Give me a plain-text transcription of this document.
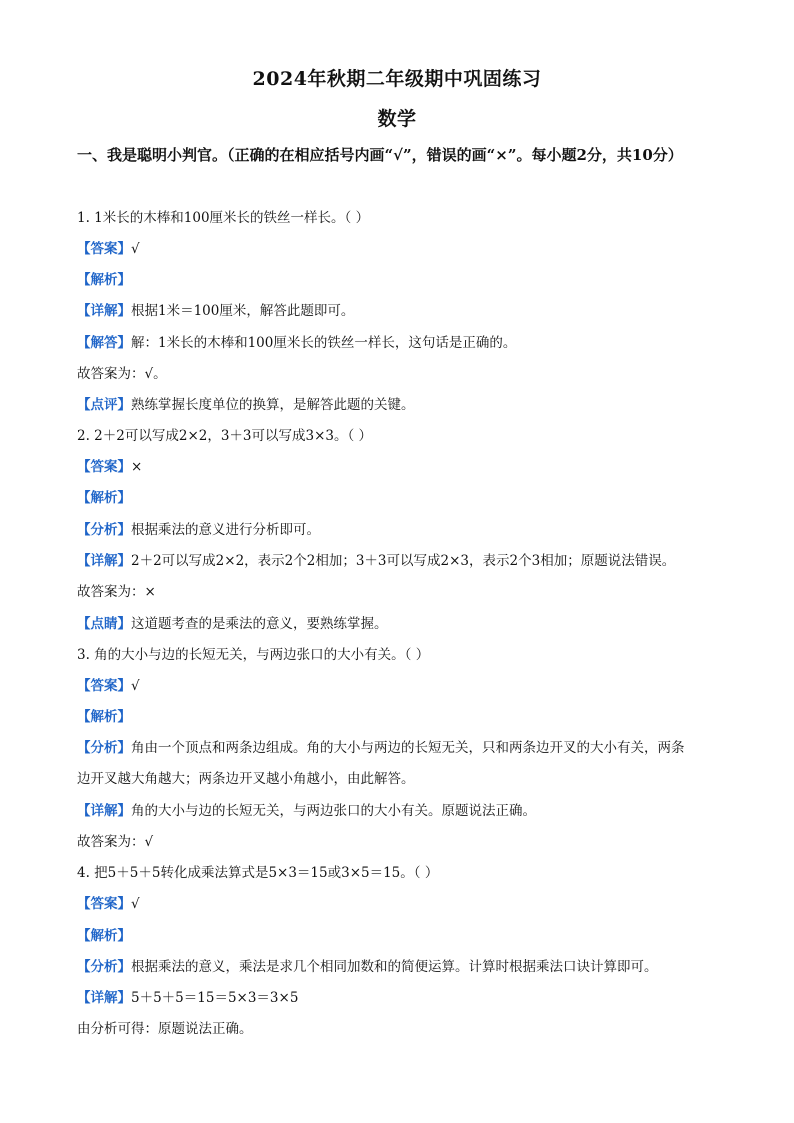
2024年秋期二年级期中巩固练习
数学
一、我是聪明小判官。（正确的在相应括号内画“√”，错误的画“×”。每小题2分，共10分）
1. 1米长的木棒和100厘米长的铁丝一样长。（ ）
【答案】√
【解析】
【详解】根据1米＝100厘米，解答此题即可。
【解答】解：1米长的木棒和100厘米长的铁丝一样长，这句话是正确的。
故答案为：√。
【点评】熟练掌握长度单位的换算，是解答此题的关键。
2. 2＋2可以写成2×2，3＋3可以写成3×3。（ ）
【答案】×
【解析】
【分析】根据乘法的意义进行分析即可。
【详解】2＋2可以写成2×2，表示2个2相加；3＋3可以写成2×3，表示2个3相加；原题说法错误。
故答案为：×
【点睛】这道题考查的是乘法的意义，要熟练掌握。
3. 角的大小与边的长短无关，与两边张口的大小有关。（ ）
【答案】√
【解析】
【分析】角由一个顶点和两条边组成。角的大小与两边的长短无关，只和两条边开叉的大小有关，两条
边开叉越大角越大；两条边开叉越小角越小，由此解答。
【详解】角的大小与边的长短无关，与两边张口的大小有关。原题说法正确。
故答案为：√
4. 把5＋5＋5转化成乘法算式是5×3＝15或3×5＝15。（ ）
【答案】√
【解析】
【分析】根据乘法的意义，乘法是求几个相同加数和的简便运算。计算时根据乘法口诀计算即可。
【详解】5＋5＋5＝15＝5×3＝3×5
由分析可得：原题说法正确。
